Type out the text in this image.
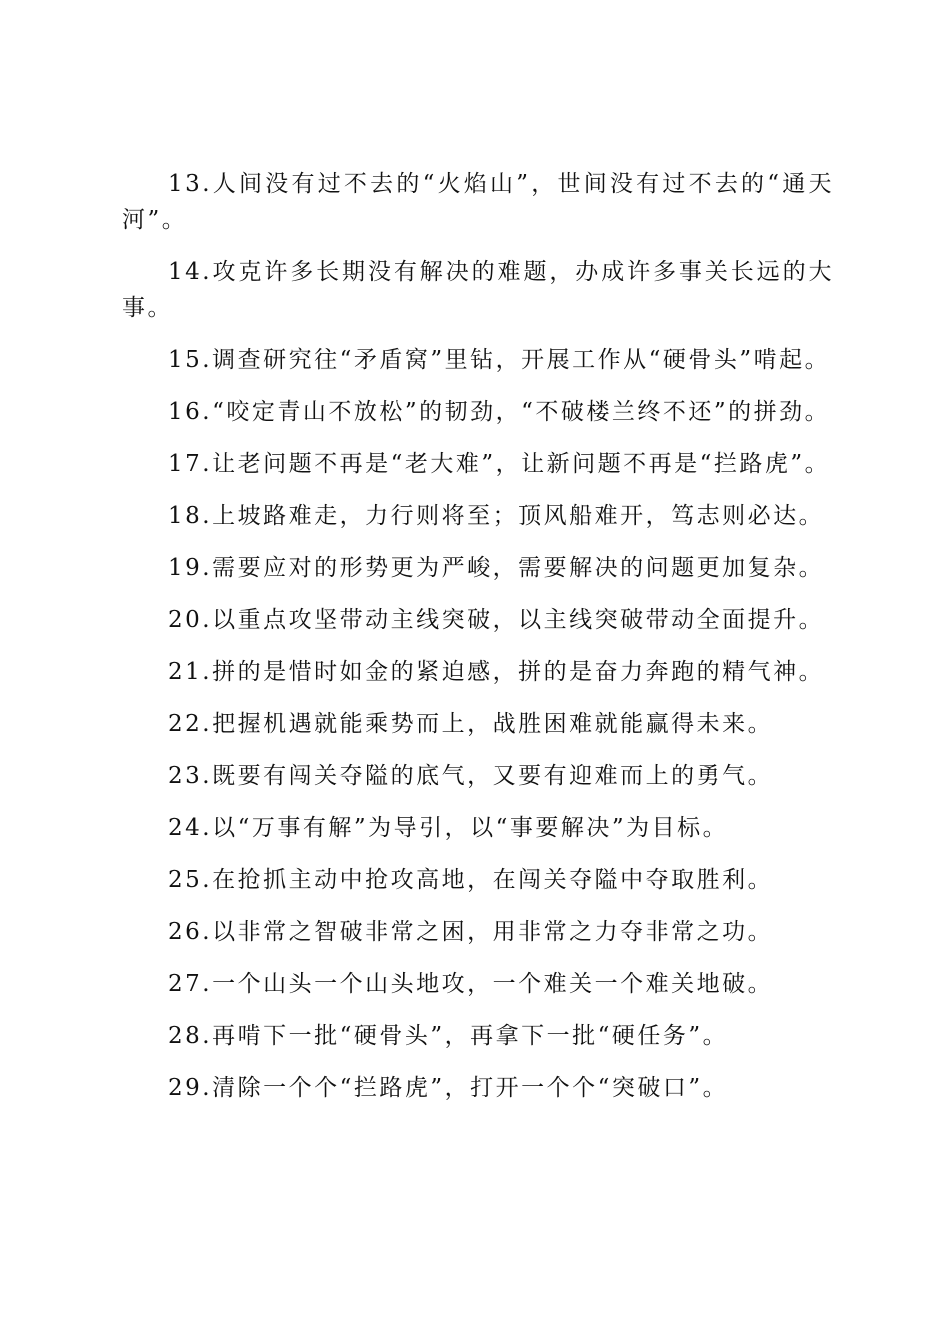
13.人间没有过不去的“火焰山”，世间没有过不去的“通天河”。

14.攻克许多长期没有解决的难题，办成许多事关长远的大事。

15.调查研究往“矛盾窝”里钻，开展工作从“硬骨头”啃起。

16.“咬定青山不放松”的韧劲，“不破楼兰终不还”的拼劲。

17.让老问题不再是“老大难”，让新问题不再是“拦路虎”。

18.上坡路难走，力行则将至；顶风船难开，笃志则必达。

19.需要应对的形势更为严峻，需要解决的问题更加复杂。

20.以重点攻坚带动主线突破，以主线突破带动全面提升。

21.拼的是惜时如金的紧迫感，拼的是奋力奔跑的精气神。

22.把握机遇就能乘势而上，战胜困难就能赢得未来。

23.既要有闯关夺隘的底气，又要有迎难而上的勇气。

24.以“万事有解”为导引，以“事要解决”为目标。

25.在抢抓主动中抢攻高地，在闯关夺隘中夺取胜利。

26.以非常之智破非常之困，用非常之力夺非常之功。

27.一个山头一个山头地攻，一个难关一个难关地破。

28.再啃下一批“硬骨头”，再拿下一批“硬任务”。

29.清除一个个“拦路虎”，打开一个个“突破口”。
